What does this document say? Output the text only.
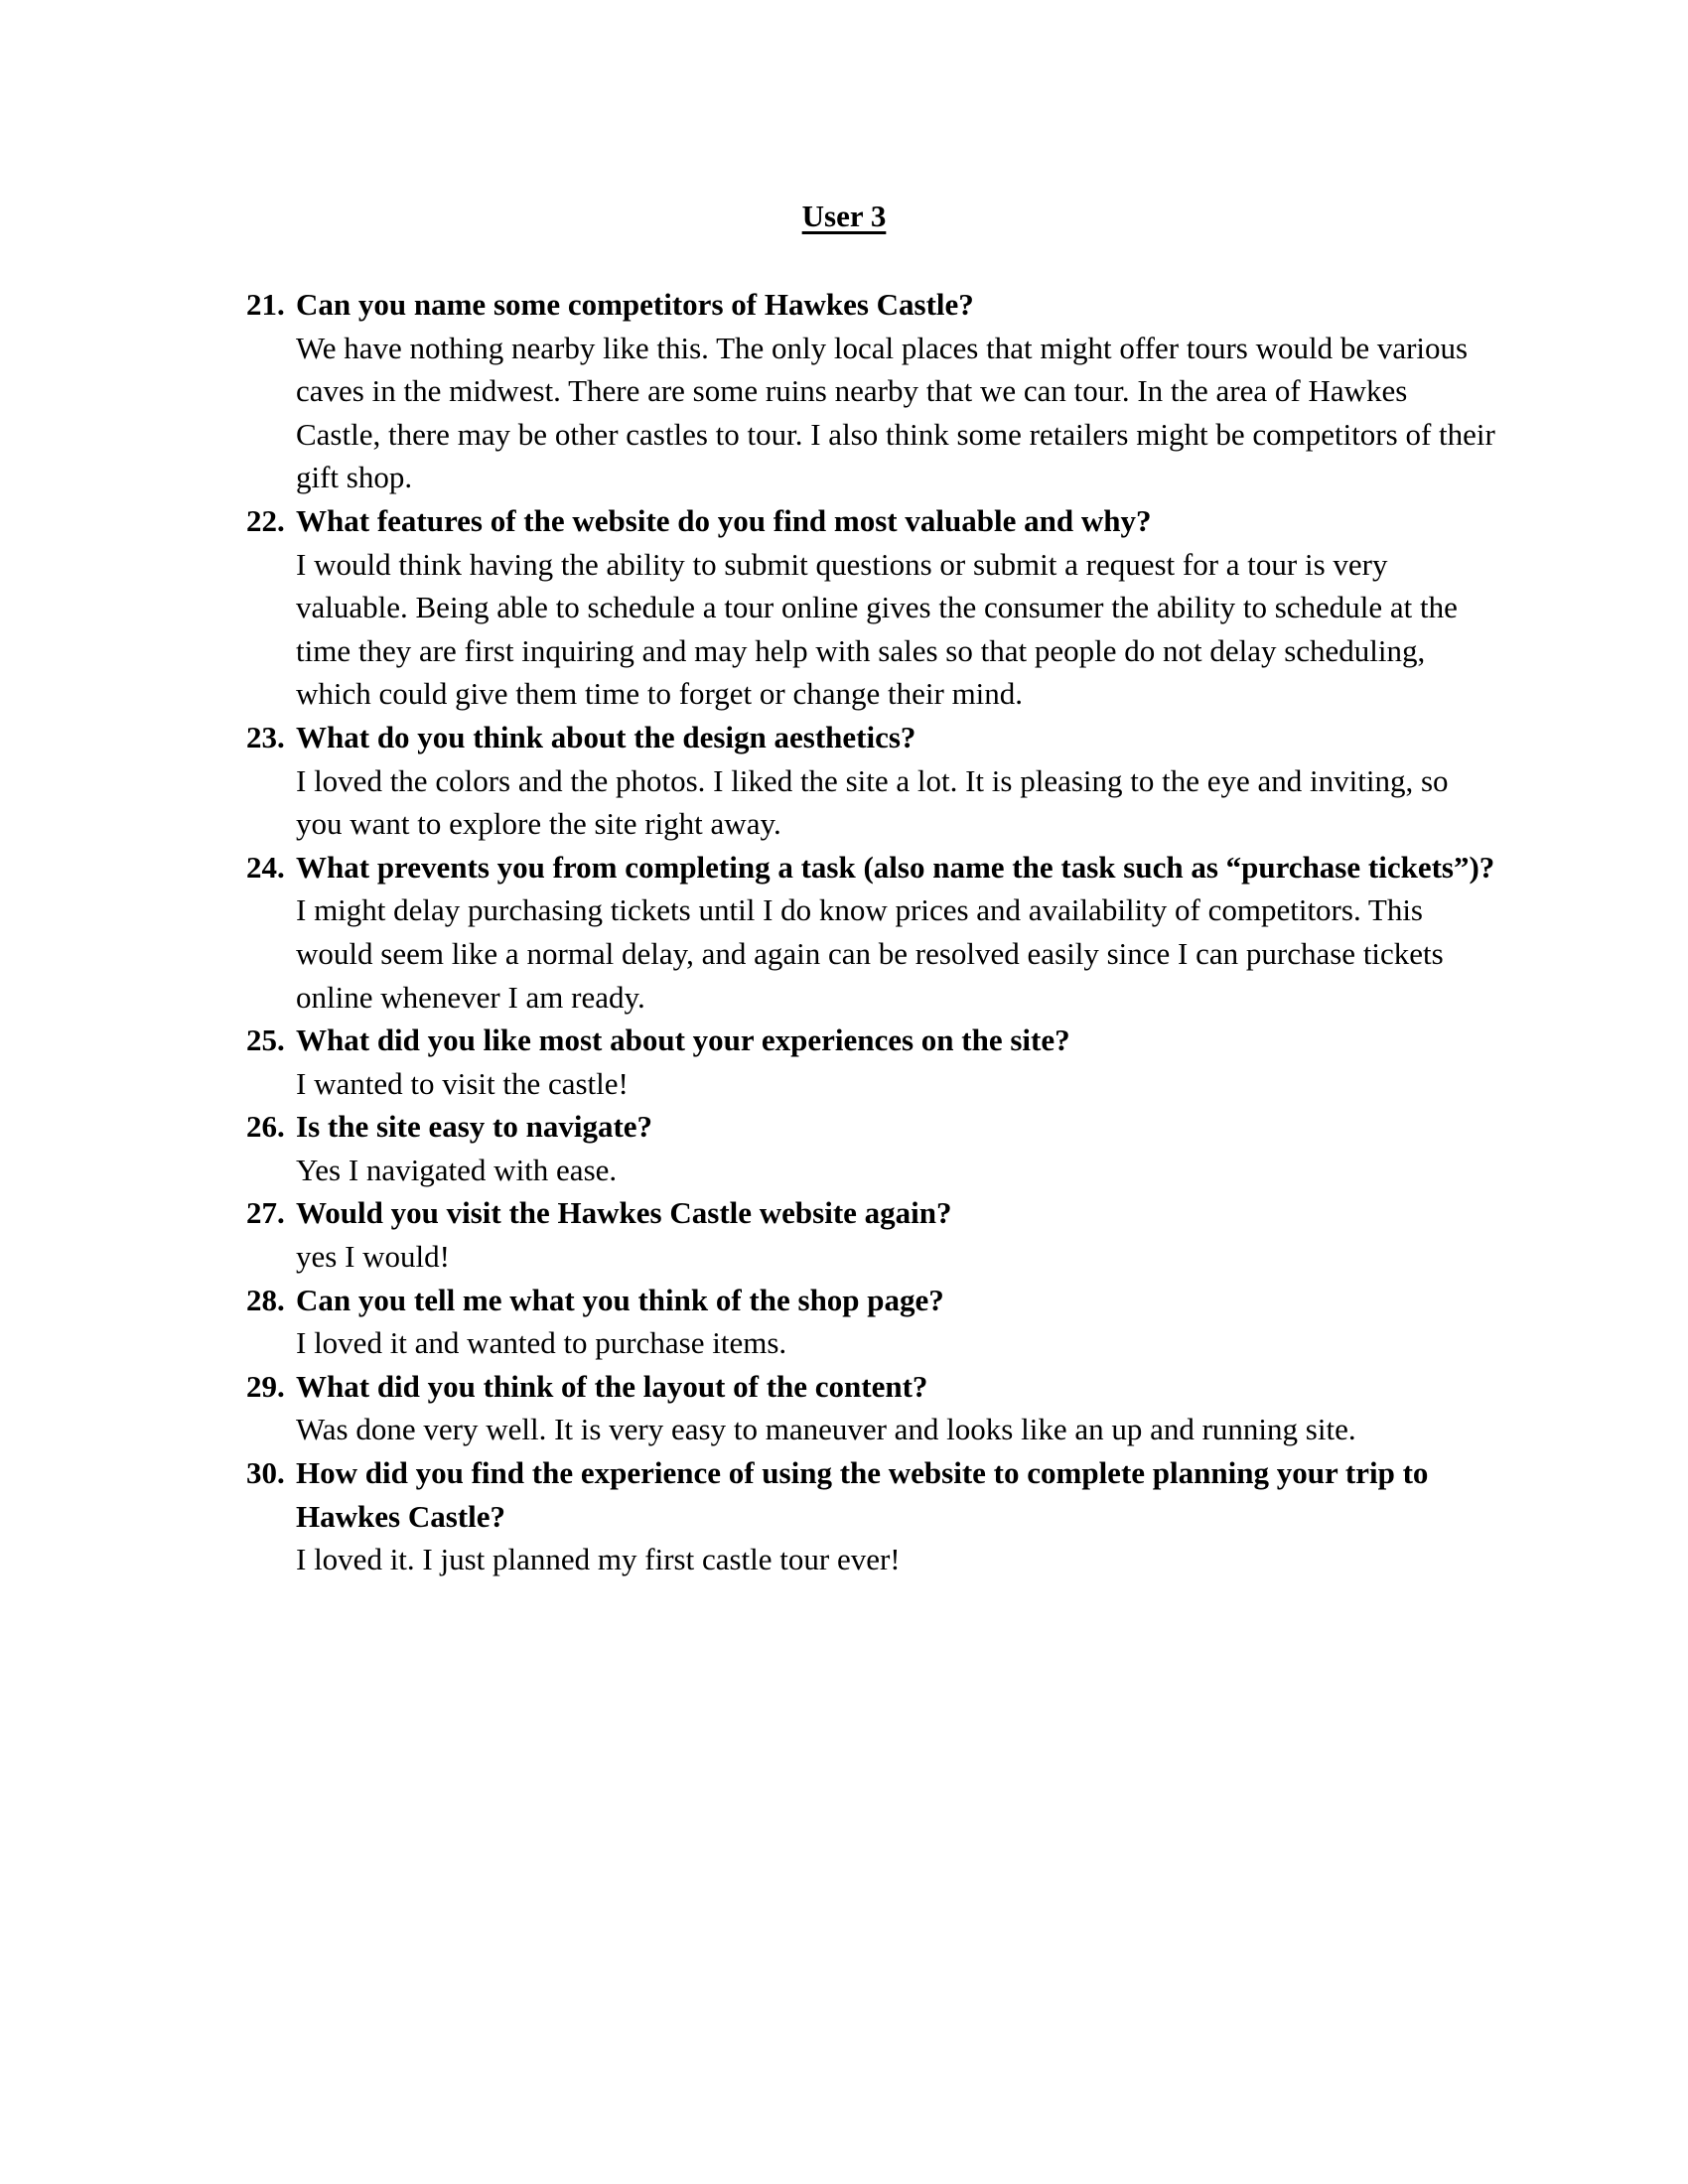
User 3
21. Can you name some competitors of Hawkes Castle?
We have nothing nearby like this. The only local places that might offer tours would be various caves in the midwest. There are some ruins nearby that we can tour. In the area of Hawkes Castle, there may be other castles to tour. I also think some retailers might be competitors of their gift shop.
22. What features of the website do you find most valuable and why?
I would think having the ability to submit questions or submit a request for a tour is very valuable. Being able to schedule a tour online gives the consumer the ability to schedule at the time they are first inquiring and may help with sales so that people do not delay scheduling, which could give them time to forget or change their mind.
23. What do you think about the design aesthetics?
I loved the colors and the photos. I liked the site a lot. It is pleasing to the eye and inviting, so you want to explore the site right away.
24. What prevents you from completing a task (also name the task such as “purchase tickets”)?
I might delay purchasing tickets until I do know prices and availability of competitors. This would seem like a normal delay, and again can be resolved easily since I can purchase tickets online whenever I am ready.
25. What did you like most about your experiences on the site?
I wanted to visit the castle!
26. Is the site easy to navigate?
Yes I navigated with ease.
27. Would you visit the Hawkes Castle website again?
yes I would!
28. Can you tell me what you think of the shop page?
I loved it and wanted to purchase items.
29. What did you think of the layout of the content?
Was done very well. It is very easy to maneuver and looks like an up and running site.
30. How did you find the experience of using the website to complete planning your trip to Hawkes Castle?
I loved it. I just planned my first castle tour ever!
